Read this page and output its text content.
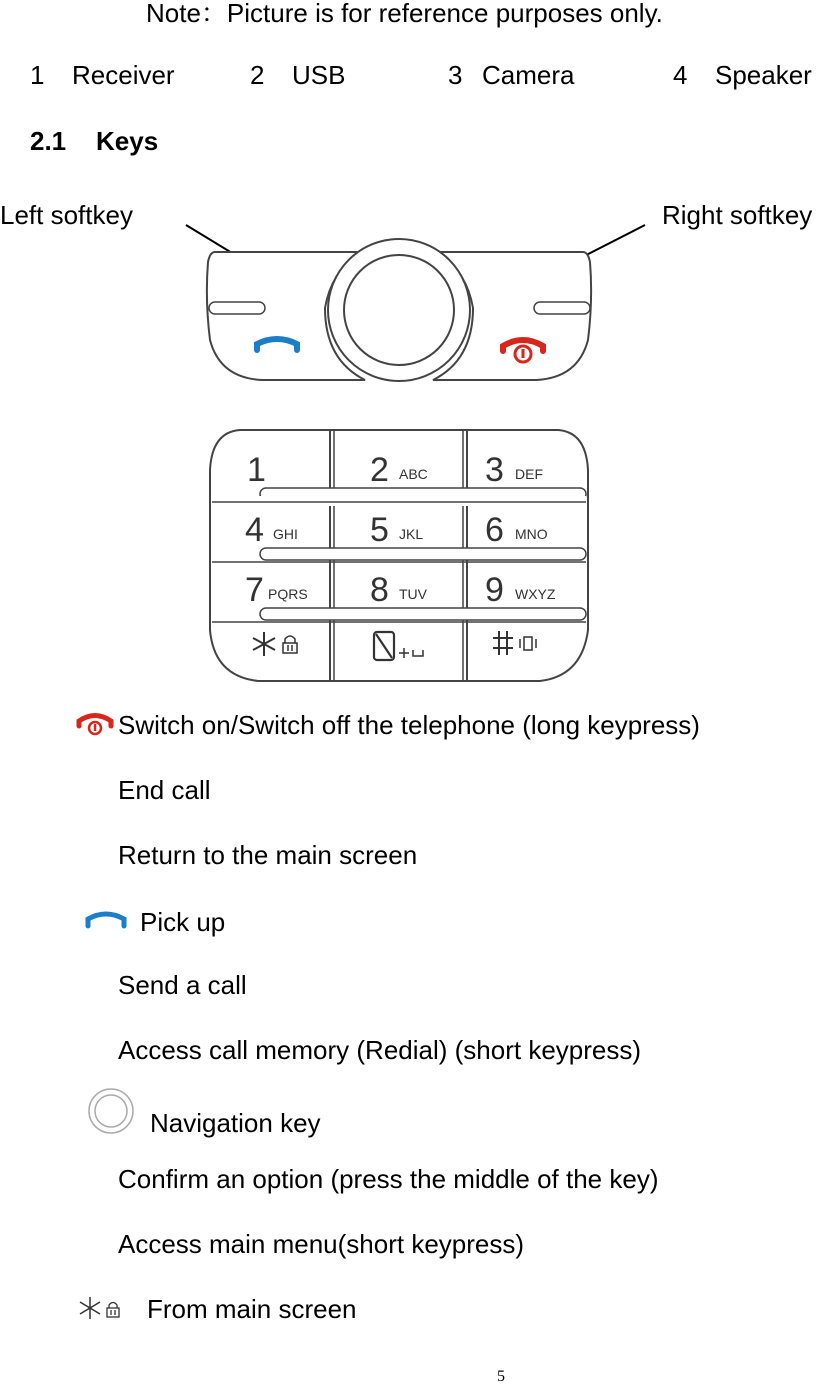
Note：Picture is for reference purposes only.
1 Receiver	2 USB	3 Camera	4 Speaker
2.1 Keys
Left softkey	Right softkey
1	2 ABC 3 DEF
4 GHI 5 JKL 6 MNO
7 PQRS 8 TUV 9 WXYZ
Switch on/Switch off the telephone (long keypress)
End call
Return to the main screen
Pick up
Send a call
Access call memory (Redial) (short keypress)
Navigation key
Confirm an option (press the middle of the key)
Access main menu(short keypress)
From main screen
5
